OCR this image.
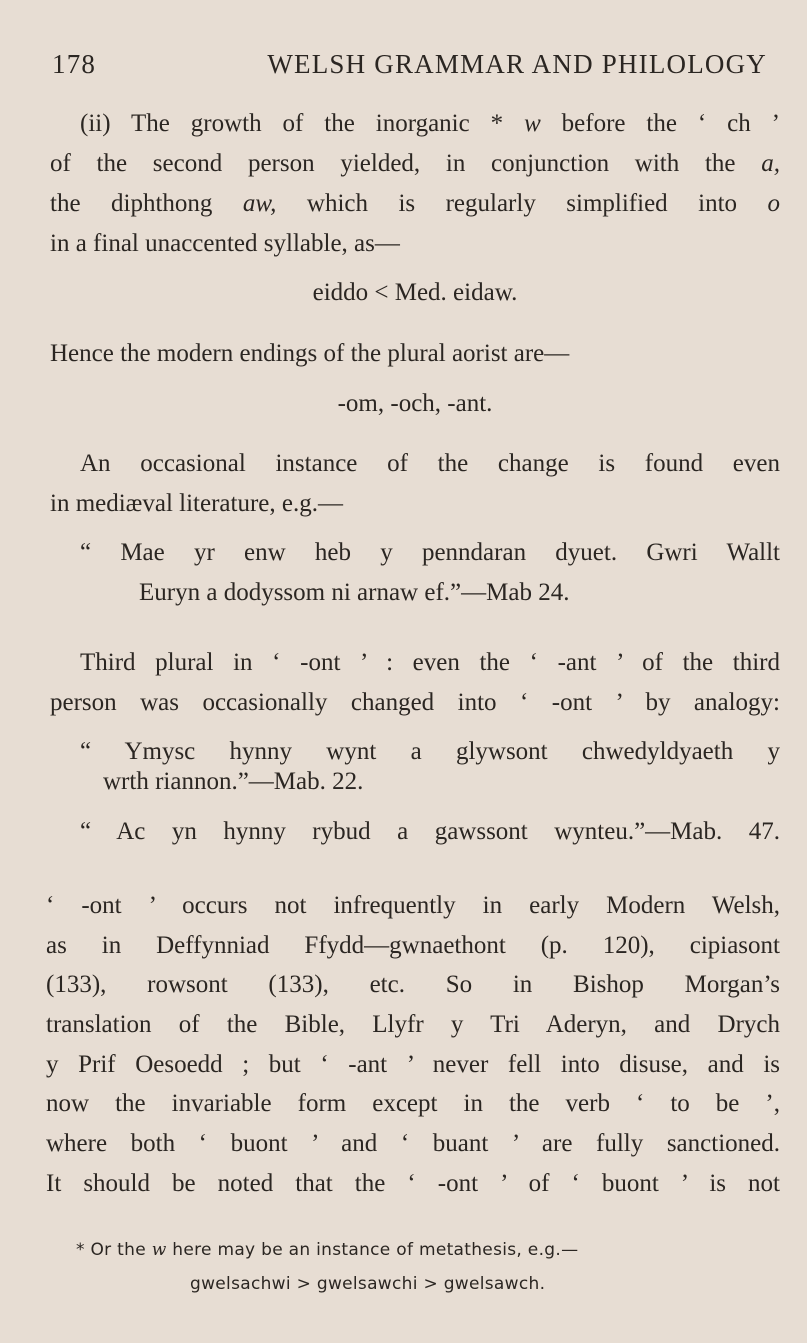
178	WELSH GRAMMAR AND PHILOLOGY
(ii) The growth of the inorganic * w before the ‘ ch ’
of the second person yielded, in conjunction with the a,
the diphthong aw, which is regularly simplified into o
in a final unaccented syllable, as—
eiddo < Med. eidaw.
Hence the modern endings of the plural aorist are—
-om, -och, -ant.
An occasional instance of the change is found even
in mediæval literature, e.g.—
“ Mae yr enw heb y penndaran dyuet. Gwri Wallt
Euryn a dodyssom ni arnaw ef.”—Mab 24.
Third plural in ‘ -ont ’ : even the ‘ -ant ’ of the third
person was occasionally changed into ‘ -ont ’ by analogy:
“ Ymysc hynny wynt a glywsont chwedyldyaeth y
wrth riannon.”—Mab. 22.
“ Ac yn hynny rybud a gawssont wynteu.”—Mab. 47.
‘ -ont ’ occurs not infrequently in early Modern Welsh,
as in Deffynniad Ffydd—gwnaethont (p. 120), cipiasont
(133), rowsont (133), etc. So in Bishop Morgan’s
translation of the Bible, Llyfr y Tri Aderyn, and Drych
y Prif Oesoedd ; but ‘ -ant ’ never fell into disuse, and is
now the invariable form except in the verb ‘ to be ’,
where both ‘ buont ’ and ‘ buant ’ are fully sanctioned.
It should be noted that the ‘ -ont ’ of ‘ buont ’ is not
* Or the w here may be an instance of metathesis, e.g.—
gwelsachwi > gwelsawchi > gwelsawch.
